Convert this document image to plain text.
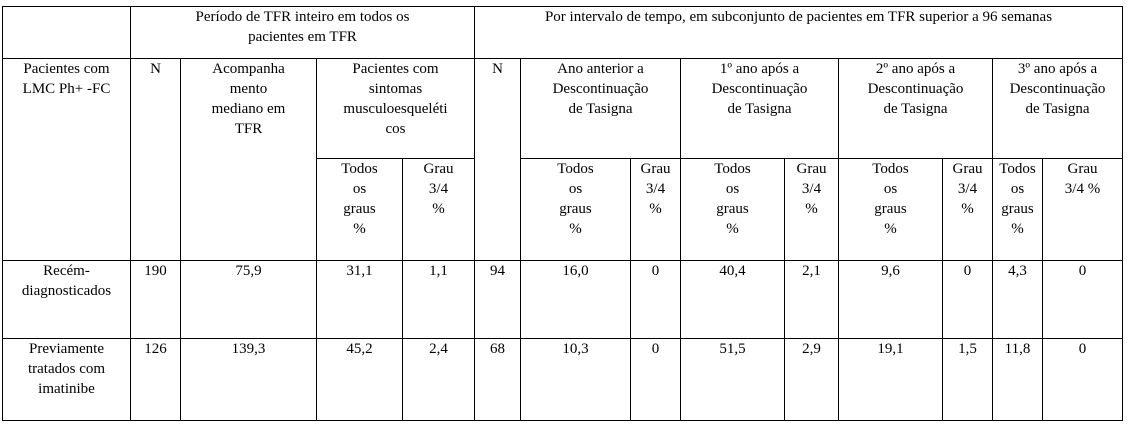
	Período de TFR inteiro em todos os
pacientes em TFR				Por intervalo de tempo, em subconjunto de pacientes em TFR superior a 96 semanas								
Pacientes com
LMC Ph+ -FC	N	Acompanha
mento
mediano em
TFR	Pacientes com
sintomas
musculoesqueléti
cos		N	Ano anterior a
Descontinuação
de Tasigna		1º ano após a
Descontinuação
de Tasigna		2º ano após a
Descontinuação
de Tasigna		3º ano após a
Descontinuação
de Tasigna	
			Todos
os
graus
%	Grau
3/4
%		Todos
os
graus
%	Grau
3/4
%	Todos
os
graus
%	Grau
3/4
%	Todos
os
graus
%	Grau
3/4
%	Todos
os
graus
%	Grau
3/4 %
Recém-
diagnosticados	190	75,9	31,1	1,1	94	16,0	0	40,4	2,1	9,6	0	4,3	0
Previamente
tratados com
imatinibe	126	139,3	45,2	2,4	68	10,3	0	51,5	2,9	19,1	1,5	11,8	0
